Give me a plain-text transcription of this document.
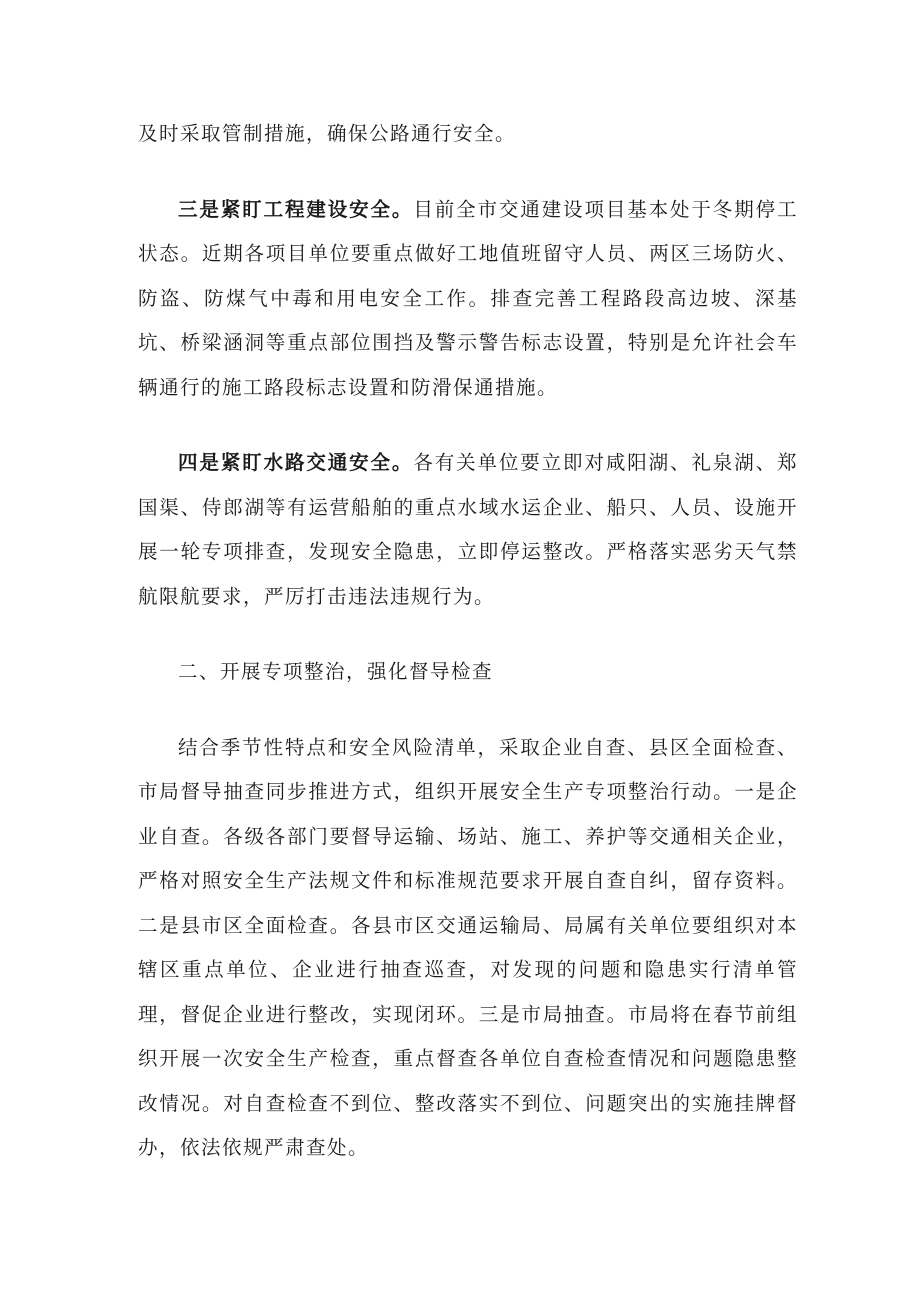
及时采取管制措施，确保公路通行安全。

三是紧盯工程建设安全。目前全市交通建设项目基本处于冬期停工状态。近期各项目单位要重点做好工地值班留守人员、两区三场防火、防盗、防煤气中毒和用电安全工作。排查完善工程路段高边坡、深基坑、桥梁涵洞等重点部位围挡及警示警告标志设置，特别是允许社会车辆通行的施工路段标志设置和防滑保通措施。

四是紧盯水路交通安全。各有关单位要立即对咸阳湖、礼泉湖、郑国渠、侍郎湖等有运营船舶的重点水域水运企业、船只、人员、设施开展一轮专项排查，发现安全隐患，立即停运整改。严格落实恶劣天气禁航限航要求，严厉打击违法违规行为。

二、开展专项整治，强化督导检查

结合季节性特点和安全风险清单，采取企业自查、县区全面检查、市局督导抽查同步推进方式，组织开展安全生产专项整治行动。一是企业自查。各级各部门要督导运输、场站、施工、养护等交通相关企业，严格对照安全生产法规文件和标准规范要求开展自查自纠，留存资料。二是县市区全面检查。各县市区交通运输局、局属有关单位要组织对本辖区重点单位、企业进行抽查巡查，对发现的问题和隐患实行清单管理，督促企业进行整改，实现闭环。三是市局抽查。市局将在春节前组织开展一次安全生产检查，重点督查各单位自查检查情况和问题隐患整改情况。对自查检查不到位、整改落实不到位、问题突出的实施挂牌督办，依法依规严肃查处。
